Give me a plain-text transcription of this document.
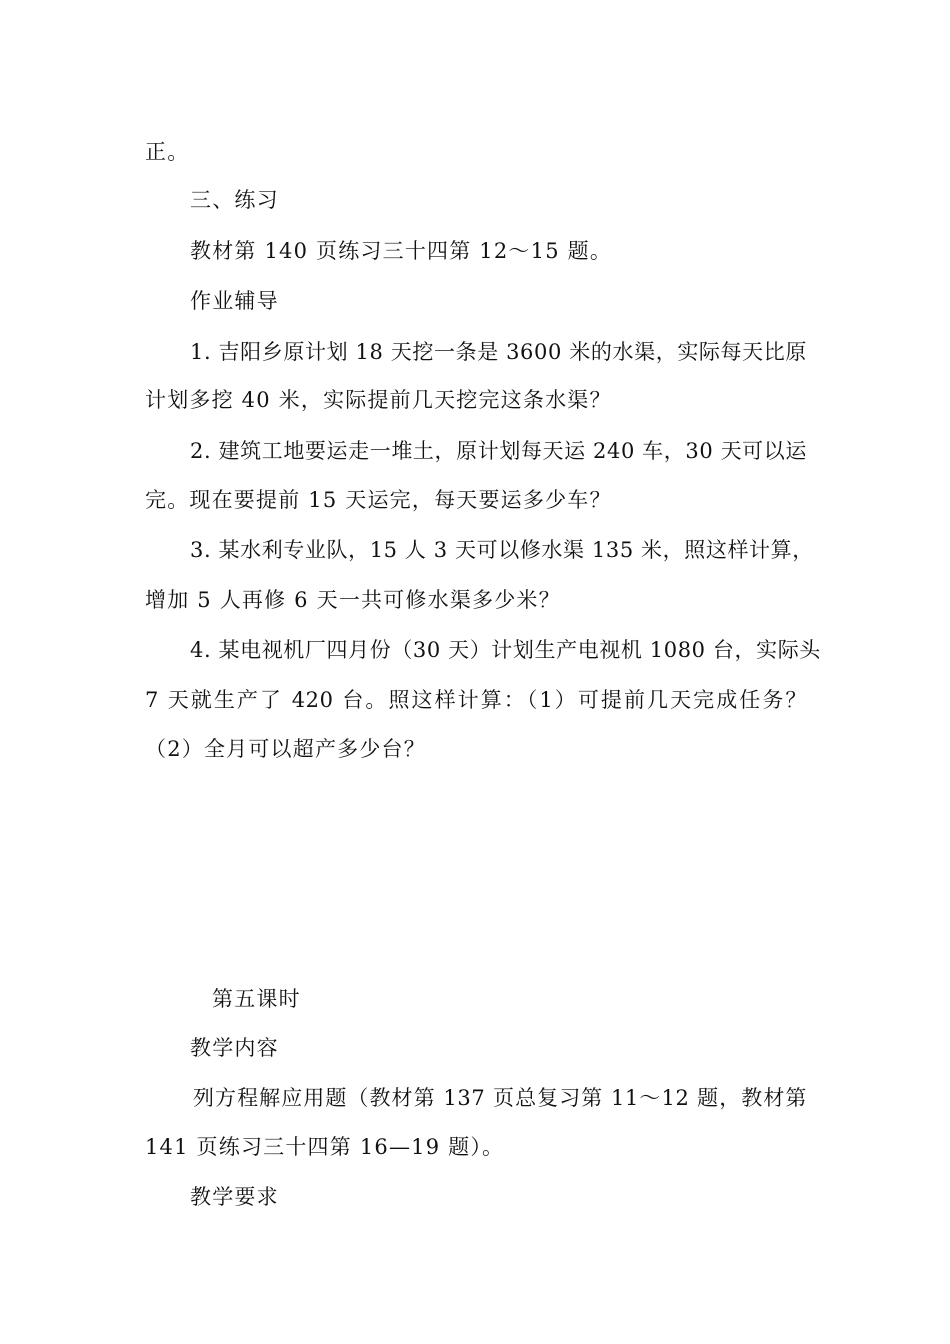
正。
三、练习
教材第 140 页练习三十四第 12～15 题。
作业辅导
1. 吉阳乡原计划 18 天挖一条是 3600 米的水渠，实际每天比原
计划多挖 40 米，实际提前几天挖完这条水渠？
2. 建筑工地要运走一堆土，原计划每天运 240 车，30 天可以运
完。现在要提前 15 天运完，每天要运多少车？
3. 某水利专业队，15 人 3 天可以修水渠 135 米，照这样计算，
增加 5 人再修 6 天一共可修水渠多少米？
4. 某电视机厂四月份（30 天）计划生产电视机 1080 台，实际头
7 天就生产了 420 台。照这样计算：（1）可提前几天完成任务？
（2）全月可以超产多少台？
第五课时
教学内容
列方程解应用题（教材第 137 页总复习第 11～12 题，教材第
141 页练习三十四第 16—19 题）。
教学要求
